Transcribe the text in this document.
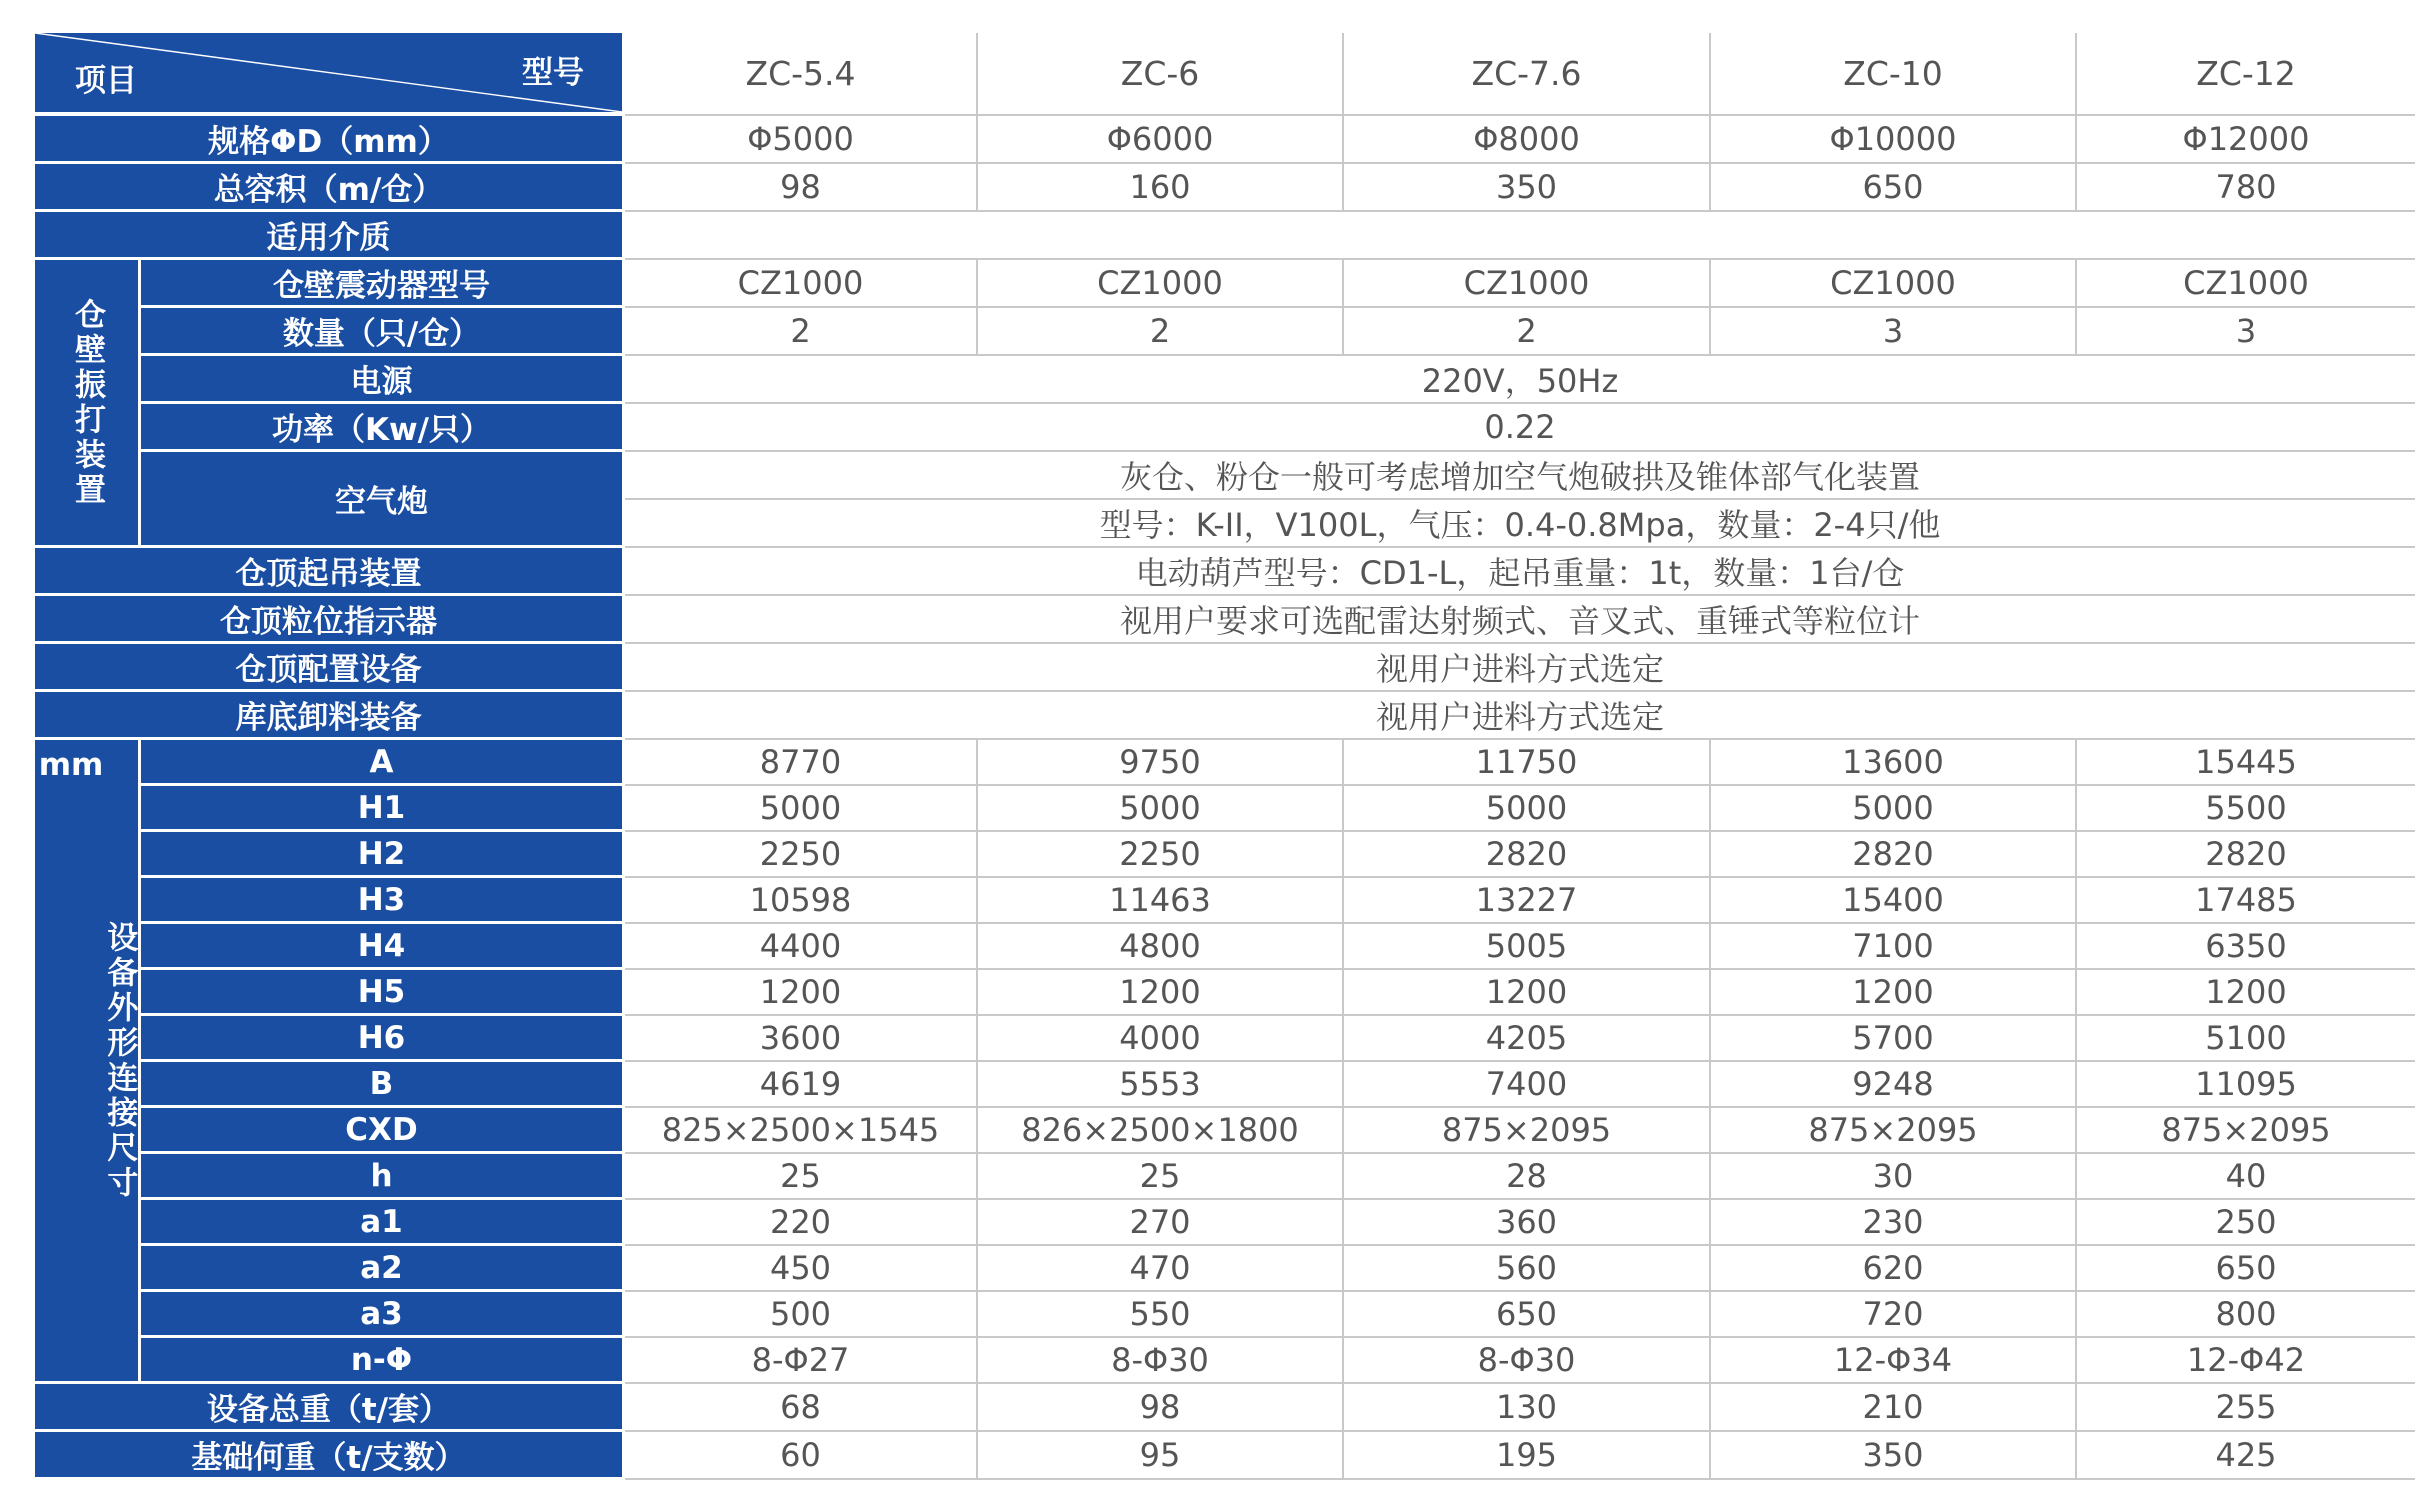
项目 型号		ZC-5.4	ZC-6	ZC-7.6	ZC-10	ZC-12
规格ΦD（mm）		Φ5000	Φ6000	Φ8000	Φ10000	Φ12000
总容积（m/仓）		98	160	350	650	780
适用介质						
仓壁振打装置	仓壁震动器型号	CZ1000	CZ1000	CZ1000	CZ1000	CZ1000
	数量（只/仓）	2	2	2	3	3
	电源	220V，50Hz				
	功率（Kw/只）	0.22				
	空气炮	灰仓、粉仓一般可考虑增加空气炮破拱及锥体部气化装置				
		型号：K-II，V100L，气压：0.4-0.8Mpa，数量：2-4只/他				
仓顶起吊装置		电动葫芦型号：CD1-L，起吊重量：1t，数量：1台/仓				
仓顶粒位指示器		视用户要求可选配雷达射频式、音叉式、重锤式等粒位计				
仓顶配置设备		视用户进料方式选定				
库底卸料装备		视用户进料方式选定				
设备外形连接尺寸
mm	A	8770	9750	11750	13600	15445
	H1	5000	5000	5000	5000	5500
	H2	2250	2250	2820	2820	2820
	H3	10598	11463	13227	15400	17485
	H4	4400	4800	5005	7100	6350
	H5	1200	1200	1200	1200	1200
	H6	3600	4000	4205	5700	5100
	B	4619	5553	7400	9248	11095
	CXD	825×2500×1545	826×2500×1800	875×2095	875×2095	875×2095
	h	25	25	28	30	40
	a1	220	270	360	230	250
	a2	450	470	560	620	650
	a3	500	550	650	720	800
	n-Φ	8-Φ27	8-Φ30	8-Φ30	12-Φ34	12-Φ42
设备总重（t/套）		68	98	130	210	255
基础何重（t/支数）		60	95	195	350	425
